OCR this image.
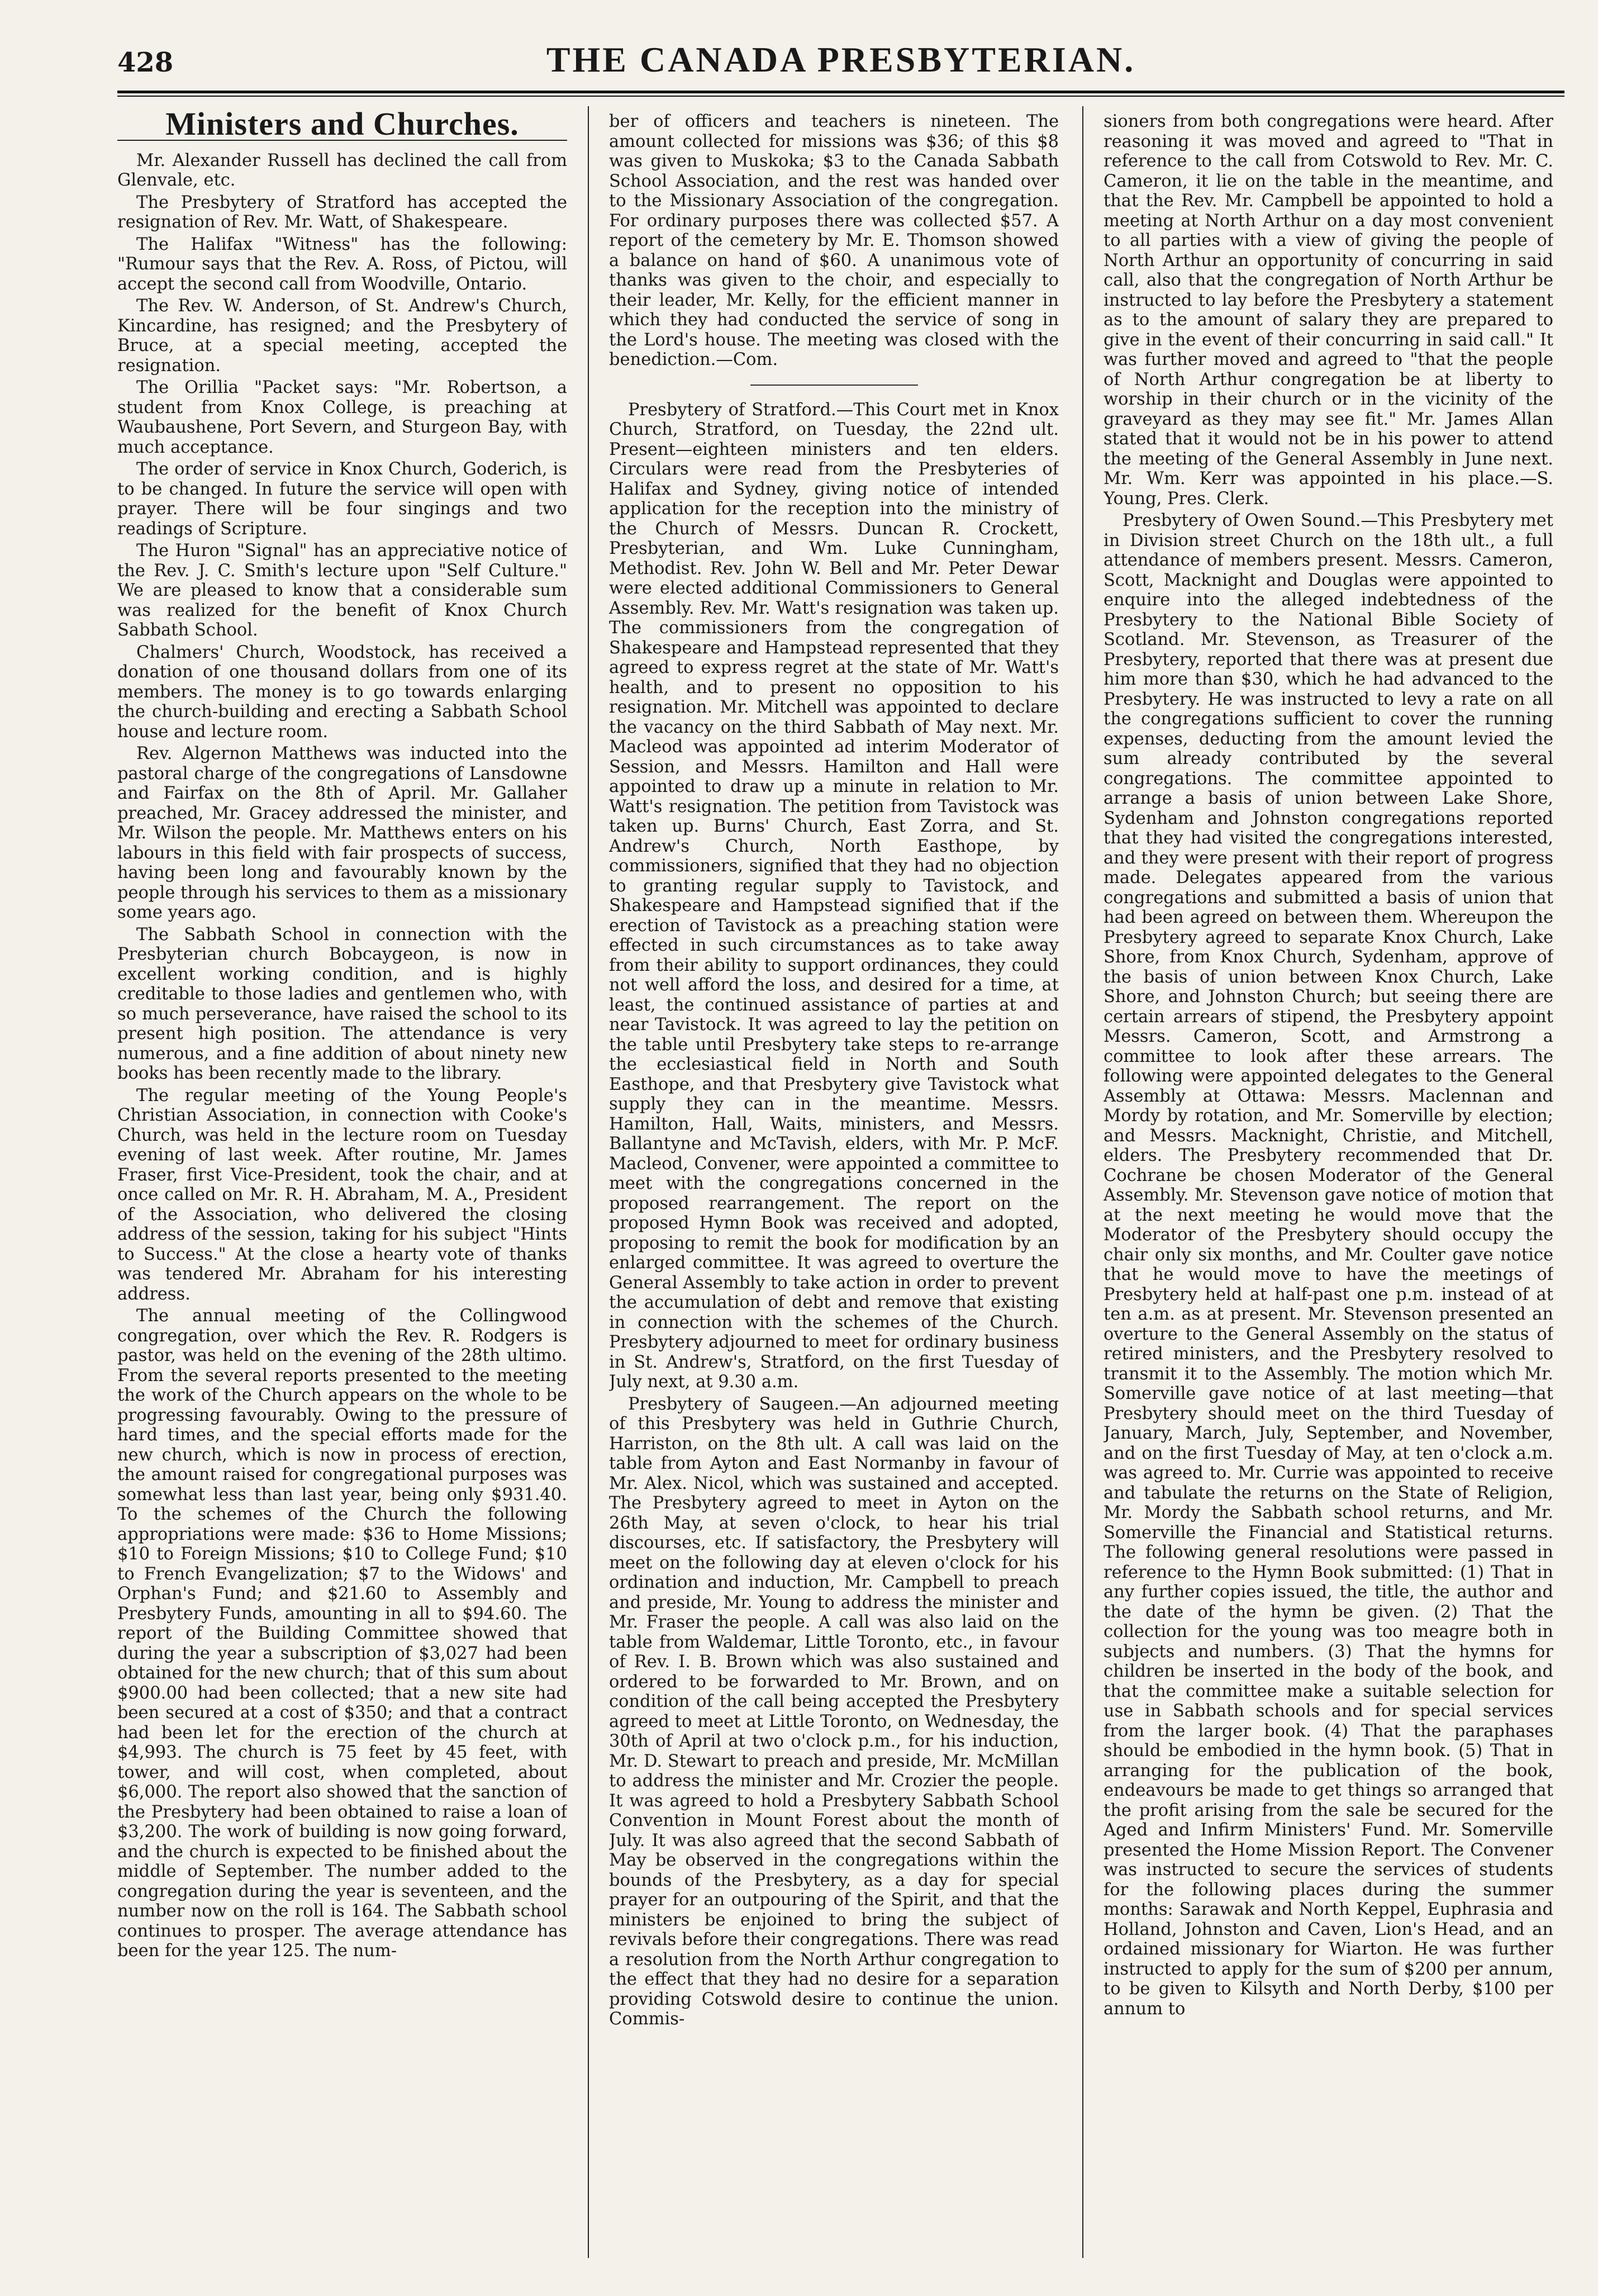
428	THE CANADA PRESBYTERIAN.
Ministers and Churches.

Mr. Alexander Russell has declined the call from Glenvale, etc.

The Presbytery of Stratford has accepted the resignation of Rev. Mr. Watt, of Shakespeare.

The Halifax "Witness" has the following: "Rumour says that the Rev. A. Ross, of Pictou, will accept the second call from Woodville, Ontario.

The Rev. W. Anderson, of St. Andrew's Church, Kincardine, has resigned; and the Presbytery of Bruce, at a special meeting, accepted the resignation.

The Orillia "Packet says: "Mr. Robertson, a student from Knox College, is preaching at Waubaushene, Port Severn, and Sturgeon Bay, with much acceptance.

The order of service in Knox Church, Goderich, is to be changed. In future the service will open with prayer. There will be four singings and two readings of Scripture.

The Huron "Signal" has an appreciative notice of the Rev. J. C. Smith's lecture upon "Self Culture." We are pleased to know that a considerable sum was realized for the benefit of Knox Church Sabbath School.

Chalmers' Church, Woodstock, has received a donation of one thousand dollars from one of its members. The money is to go towards enlarging the church-building and erecting a Sabbath School house and lecture room.

Rev. Algernon Matthews was inducted into the pastoral charge of the congregations of Lansdowne and Fairfax on the 8th of April. Mr. Gallaher preached, Mr. Gracey addressed the minister, and Mr. Wilson the people. Mr. Matthews enters on his labours in this field with fair prospects of success, having been long and favourably known by the people through his services to them as a missionary some years ago.

The Sabbath School in connection with the Presbyterian church Bobcaygeon, is now in excellent working condition, and is highly creditable to those ladies and gentlemen who, with so much perseverance, have raised the school to its present high position. The attendance is very numerous, and a fine addition of about ninety new books has been recently made to the library.

The regular meeting of the Young People's Christian Association, in connection with Cooke's Church, was held in the lecture room on Tuesday evening of last week. After routine, Mr. James Fraser, first Vice-President, took the chair, and at once called on Mr. R. H. Abraham, M. A., President of the Association, who delivered the closing address of the session, taking for his subject "Hints to Success." At the close a hearty vote of thanks was tendered Mr. Abraham for his interesting address.

The annual meeting of the Collingwood congregation, over which the Rev. R. Rodgers is pastor, was held on the evening of the 28th ultimo. From the several reports presented to the meeting the work of the Church appears on the whole to be progressing favourably. Owing to the pressure of hard times, and the special efforts made for the new church, which is now in process of erection, the amount raised for congregational purposes was somewhat less than last year, being only $931.40. To the schemes of the Church the following appropriations were made: $36 to Home Missions; $10 to Foreign Missions; $10 to College Fund; $10 to French Evangelization; $7 to the Widows' and Orphan's Fund; and $21.60 to Assembly and Presbytery Funds, amounting in all to $94.60. The report of the Building Committee showed that during the year a subscription of $3,027 had been obtained for the new church; that of this sum about $900.00 had been collected; that a new site had been secured at a cost of $350; and that a contract had been let for the erection of the church at $4,993. The church is 75 feet by 45 feet, with tower, and will cost, when completed, about $6,000. The report also showed that the sanction of the Presbytery had been obtained to raise a loan of $3,200. The work of building is now going forward, and the church is expected to be finished about the middle of September. The number added to the congregation during the year is seventeen, and the number now on the roll is 164. The Sabbath school continues to prosper. The average attendance has been for the year 125. The num-

ber of officers and teachers is nineteen. The amount collected for missions was $36; of this $8 was given to Muskoka; $3 to the Canada Sabbath School Association, and the rest was handed over to the Missionary Association of the congregation. For ordinary purposes there was collected $57. A report of the cemetery by Mr. E. Thomson showed a balance on hand of $60. A unanimous vote of thanks was given to the choir, and especially to their leader, Mr. Kelly, for the efficient manner in which they had conducted the service of song in the Lord's house. The meeting was closed with the benediction.—Com.

Presbytery of Stratford.—This Court met in Knox Church, Stratford, on Tuesday, the 22nd ult. Present—eighteen ministers and ten elders. Circulars were read from the Presbyteries of Halifax and Sydney, giving notice of intended application for the reception into the ministry of the Church of Messrs. Duncan R. Crockett, Presbyterian, and Wm. Luke Cunningham, Methodist. Rev. John W. Bell and Mr. Peter Dewar were elected additional Commissioners to General Assembly. Rev. Mr. Watt's resignation was taken up. The commissioners from the congregation of Shakespeare and Hampstead represented that they agreed to express regret at the state of Mr. Watt's health, and to present no opposition to his resignation. Mr. Mitchell was appointed to declare the vacancy on the third Sabbath of May next. Mr. Macleod was appointed ad interim Moderator of Session, and Messrs. Hamilton and Hall were appointed to draw up a minute in relation to Mr. Watt's resignation. The petition from Tavistock was taken up. Burns' Church, East Zorra, and St. Andrew's Church, North Easthope, by commissioners, signified that they had no objection to granting regular supply to Tavistock, and Shakespeare and Hampstead signified that if the erection of Tavistock as a preaching station were effected in such circumstances as to take away from their ability to support ordinances, they could not well afford the loss, and desired for a time, at least, the continued assistance of parties at and near Tavistock. It was agreed to lay the petition on the table until Presbytery take steps to re-arrange the ecclesiastical field in North and South Easthope, and that Presbytery give Tavistock what supply they can in the meantime. Messrs. Hamilton, Hall, Waits, ministers, and Messrs. Ballantyne and McTavish, elders, with Mr. P. McF. Macleod, Convener, were appointed a committee to meet with the congregations concerned in the proposed rearrangement. The report on the proposed Hymn Book was received and adopted, proposing to remit the book for modification by an enlarged committee. It was agreed to overture the General Assembly to take action in order to prevent the accumulation of debt and remove that existing in connection with the schemes of the Church. Presbytery adjourned to meet for ordinary business in St. Andrew's, Stratford, on the first Tuesday of July next, at 9.30 a.m.

Presbytery of Saugeen.—An adjourned meeting of this Presbytery was held in Guthrie Church, Harriston, on the 8th ult. A call was laid on the table from Ayton and East Normanby in favour of Mr. Alex. Nicol, which was sustained and accepted. The Presbytery agreed to meet in Ayton on the 26th May, at seven o'clock, to hear his trial discourses, etc. If satisfactory, the Presbytery will meet on the following day at eleven o'clock for his ordination and induction, Mr. Campbell to preach and preside, Mr. Young to address the minister and Mr. Fraser the people. A call was also laid on the table from Waldemar, Little Toronto, etc., in favour of Rev. I. B. Brown which was also sustained and ordered to be forwarded to Mr. Brown, and on condition of the call being accepted the Presbytery agreed to meet at Little Toronto, on Wednesday, the 30th of April at two o'clock p.m., for his induction, Mr. D. Stewart to preach and preside, Mr. McMillan to address the minister and Mr. Crozier the people. It was agreed to hold a Presbytery Sabbath School Convention in Mount Forest about the month of July. It was also agreed that the second Sabbath of May be observed in the congregations within the bounds of the Presbytery, as a day for special prayer for an outpouring of the Spirit, and that the ministers be enjoined to bring the subject of revivals before their congregations. There was read a resolution from the North Arthur congregation to the effect that they had no desire for a separation providing Cotswold desire to continue the union. Commis-

sioners from both congregations were heard. After reasoning it was moved and agreed to "That in reference to the call from Cotswold to Rev. Mr. C. Cameron, it lie on the table in the meantime, and that the Rev. Mr. Campbell be appointed to hold a meeting at North Arthur on a day most convenient to all parties with a view of giving the people of North Arthur an opportunity of concurring in said call, also that the congregation of North Arthur be instructed to lay before the Presbytery a statement as to the amount of salary they are prepared to give in the event of their concurring in said call." It was further moved and agreed to "that the people of North Arthur congregation be at liberty to worship in their church or in the vicinity of the graveyard as they may see fit." Mr. James Allan stated that it would not be in his power to attend the meeting of the General Assembly in June next. Mr. Wm. Kerr was appointed in his place.—S. Young, Pres. Clerk.

Presbytery of Owen Sound.—This Presbytery met in Division street Church on the 18th ult., a full attendance of members present. Messrs. Cameron, Scott, Macknight and Douglas were appointed to enquire into the alleged indebtedness of the Presbytery to the National Bible Society of Scotland. Mr. Stevenson, as Treasurer of the Presbytery, reported that there was at present due him more than $30, which he had advanced to the Presbytery. He was instructed to levy a rate on all the congregations sufficient to cover the running expenses, deducting from the amount levied the sum already contributed by the several congregations. The committee appointed to arrange a basis of union between Lake Shore, Sydenham and Johnston congregations reported that they had visited the congregations interested, and they were present with their report of progress made. Delegates appeared from the various congregations and submitted a basis of union that had been agreed on between them. Whereupon the Presbytery agreed to separate Knox Church, Lake Shore, from Knox Church, Sydenham, approve of the basis of union between Knox Church, Lake Shore, and Johnston Church; but seeing there are certain arrears of stipend, the Presbytery appoint Messrs. Cameron, Scott, and Armstrong a committee to look after these arrears. The following were appointed delegates to the General Assembly at Ottawa: Messrs. Maclennan and Mordy by rotation, and Mr. Somerville by election; and Messrs. Macknight, Christie, and Mitchell, elders. The Presbytery recommended that Dr. Cochrane be chosen Moderator of the General Assembly. Mr. Stevenson gave notice of motion that at the next meeting he would move that the Moderator of the Presbytery should occupy the chair only six months, and Mr. Coulter gave notice that he would move to have the meetings of Presbytery held at half-past one p.m. instead of at ten a.m. as at present. Mr. Stevenson presented an overture to the General Assembly on the status of retired ministers, and the Presbytery resolved to transmit it to the Assembly. The motion which Mr. Somerville gave notice of at last meeting—that Presbytery should meet on the third Tuesday of January, March, July, September, and November, and on the first Tuesday of May, at ten o'clock a.m. was agreed to. Mr. Currie was appointed to receive and tabulate the returns on the State of Religion, Mr. Mordy the Sabbath school returns, and Mr. Somerville the Financial and Statistical returns. The following general resolutions were passed in reference to the Hymn Book submitted: (1) That in any further copies issued, the title, the author and the date of the hymn be given. (2) That the collection for the young was too meagre both in subjects and numbers. (3) That the hymns for children be inserted in the body of the book, and that the committee make a suitable selection for use in Sabbath schools and for special services from the larger book. (4) That the paraphases should be embodied in the hymn book. (5) That in arranging for the publication of the book, endeavours be made to get things so arranged that the profit arising from the sale be secured for the Aged and Infirm Ministers' Fund. Mr. Somerville presented the Home Mission Report. The Convener was instructed to secure the services of students for the following places during the summer months: Sarawak and North Keppel, Euphrasia and Holland, Johnston and Caven, Lion's Head, and an ordained missionary for Wiarton. He was further instructed to apply for the sum of $200 per annum, to be given to Kilsyth and North Derby, $100 per annum to
